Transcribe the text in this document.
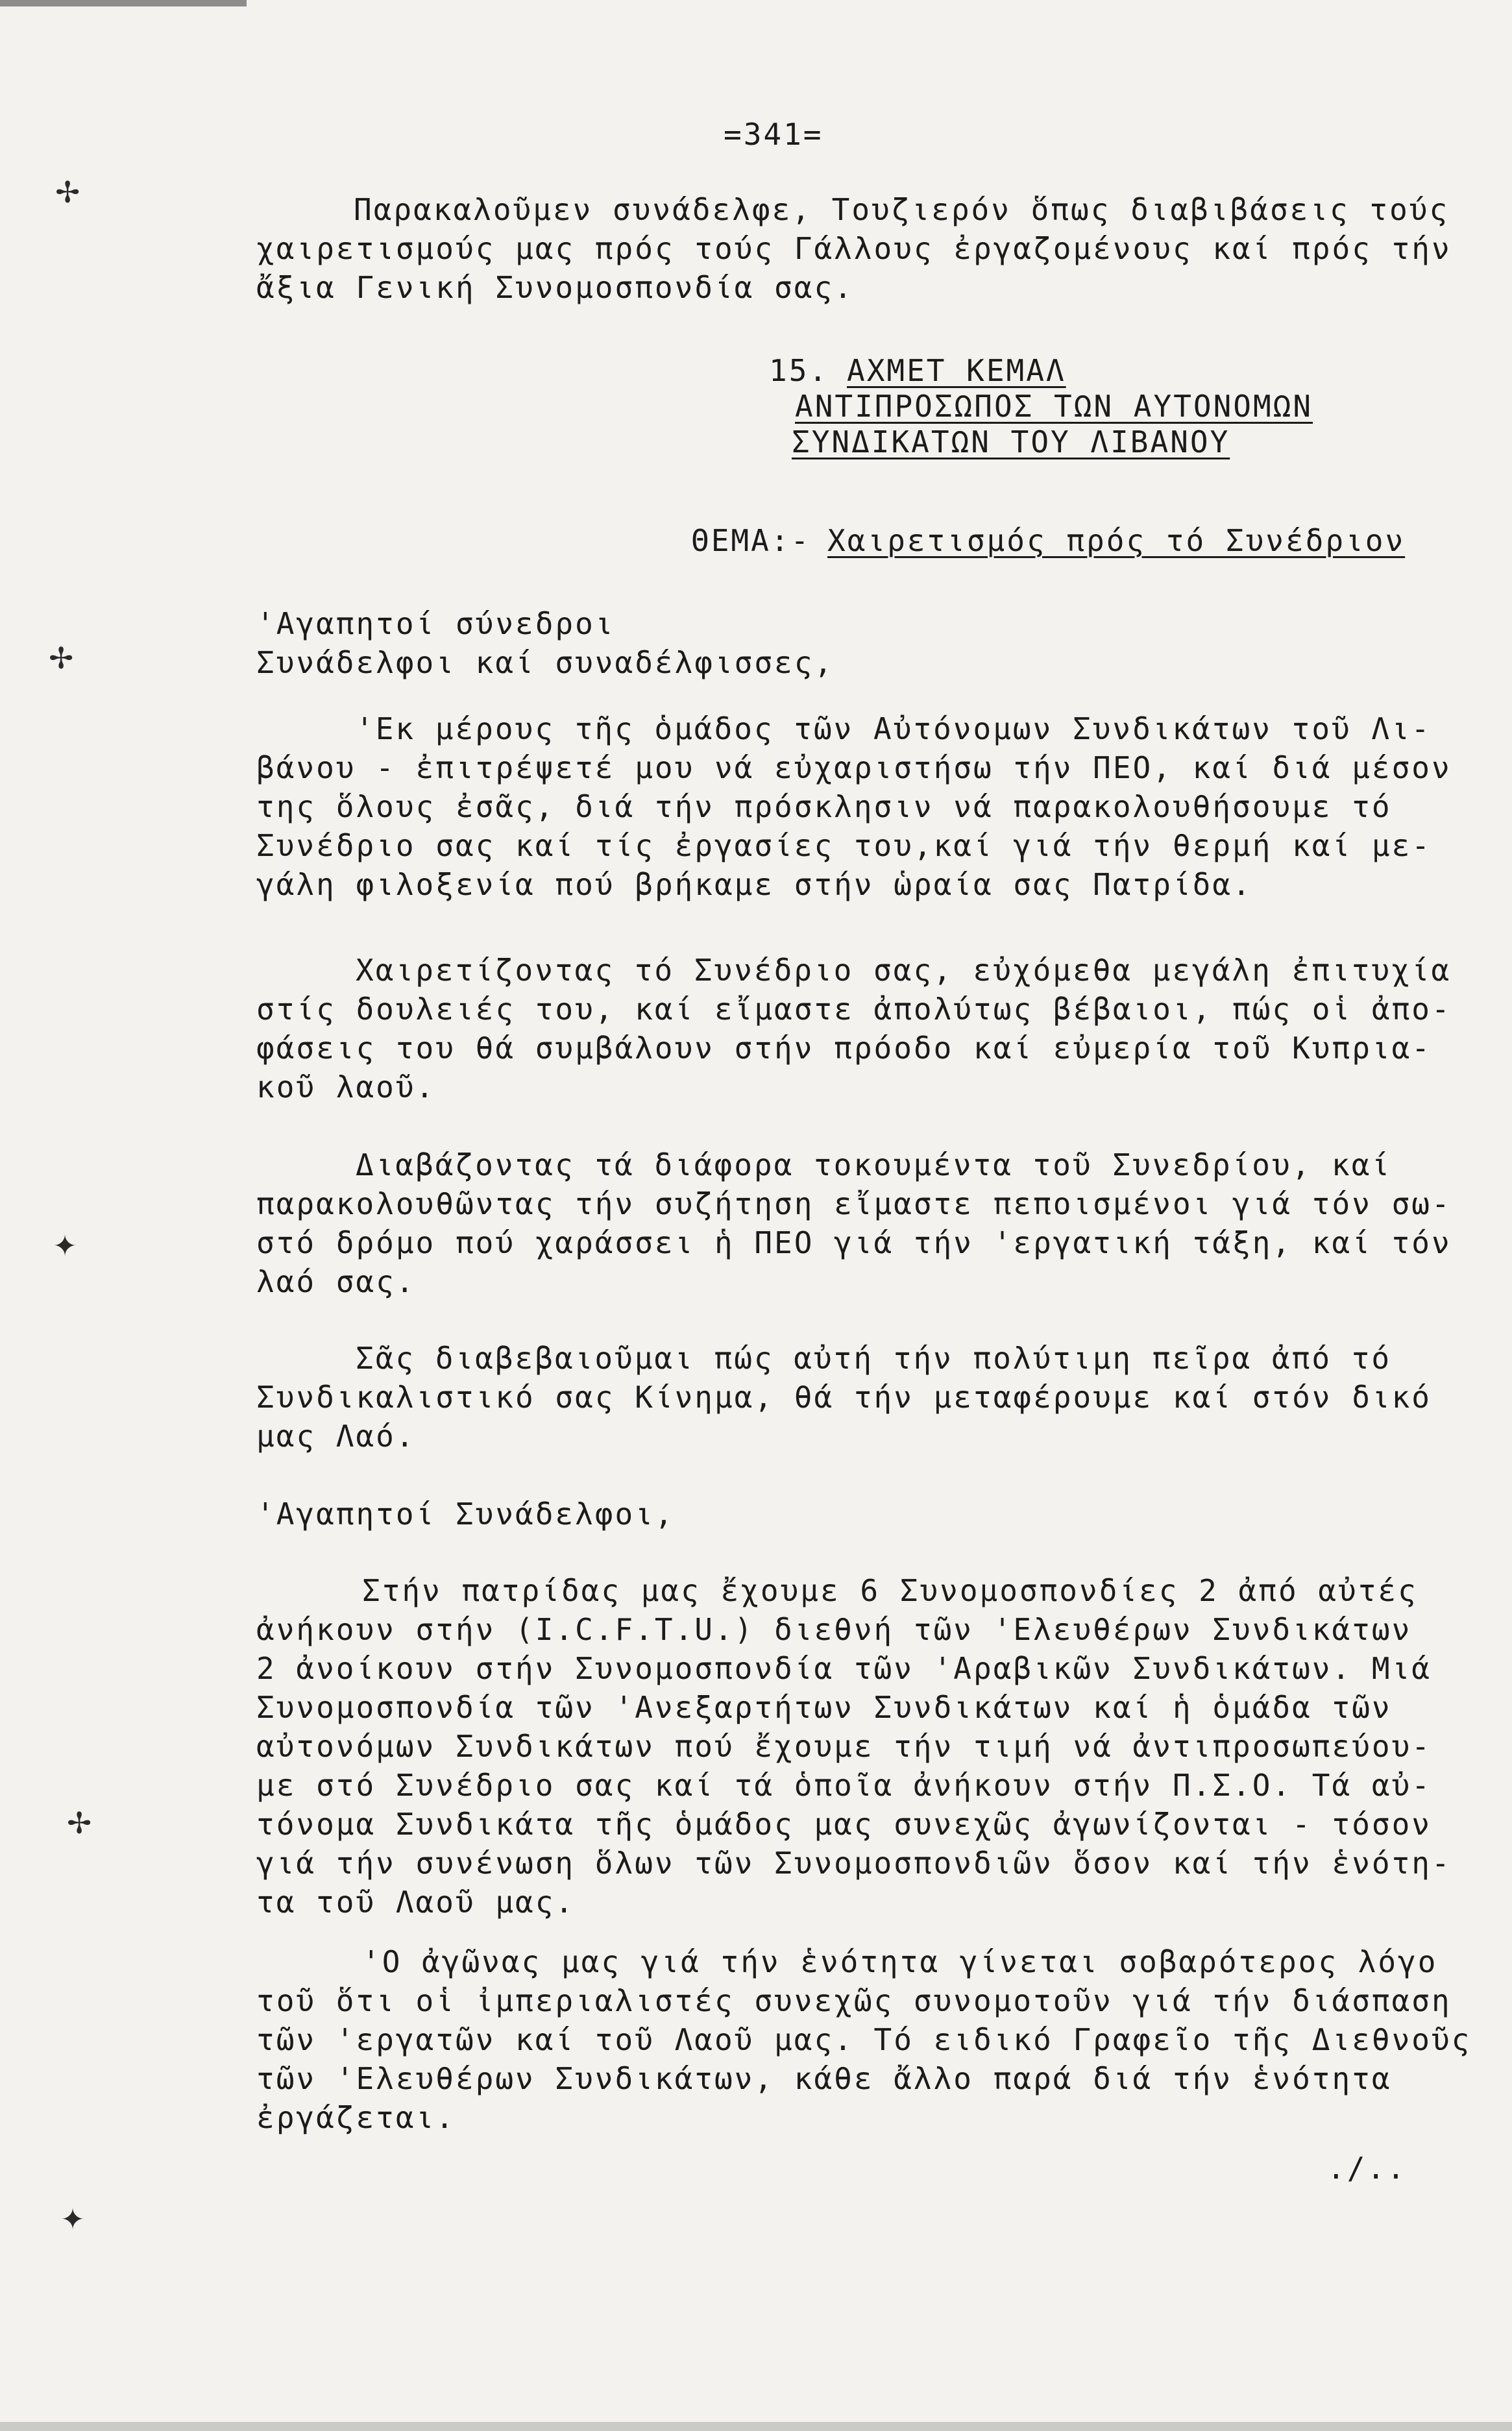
✢
✢
✦
✢
✦
=341=
Παρακαλοῦμεν συνάδελφε, Τουζιερόν ὅπως διαβιβάσεις τούς
χαιρετισμούς μας πρός τούς Γάλλους ἐργαζομένους καί πρός τήν
ἄξια Γενική Συνομοσπονδία σας.
15. ΑΧΜΕΤ ΚΕΜΑΛ
ΑΝΤΙΠΡΟΣΩΠΟΣ ΤΩΝ ΑΥΤΟΝΟΜΩΝ
ΣΥΝΔΙΚΑΤΩΝ ΤΟΥ ΛΙΒΑΝΟΥ
ΘΕΜΑ:- Χαιρετισμός πρός τό Συνέδριον
'Αγαπητοί σύνεδροι
Συνάδελφοι καί συναδέλφισσες,
'Εκ μέρους τῆς ὁμάδος τῶν Αὐτόνομων Συνδικάτων τοῦ Λι-
βάνου - ἐπιτρέψετέ μου νά εὐχαριστήσω τήν ΠΕΟ, καί διά μέσον
της ὅλους ἐσᾶς, διά τήν πρόσκλησιν νά παρακολουθήσουμε τό
Συνέδριο σας καί τίς ἐργασίες του,καί γιά τήν θερμή καί με-
γάλη φιλοξενία πού βρήκαμε στήν ὡραία σας Πατρίδα.
Χαιρετίζοντας τό Συνέδριο σας, εὐχόμεθα μεγάλη ἐπιτυχία
στίς δουλειές του, καί εἴμαστε ἀπολύτως βέβαιοι, πώς οἱ ἀπο-
φάσεις του θά συμβάλουν στήν πρόοδο καί εὐμερία τοῦ Κυπρια-
κοῦ λαοῦ.
Διαβάζοντας τά διάφορα τοκουμέντα τοῦ Συνεδρίου, καί
παρακολουθῶντας τήν συζήτηση εἴμαστε πεποισμένοι γιά τόν σω-
στό δρόμο πού χαράσσει ἡ ΠΕΟ γιά τήν 'εργατική τάξη, καί τόν
λαό σας.
Σᾶς διαβεβαιοῦμαι πώς αὐτή τήν πολύτιμη πεῖρα ἀπό τό
Συνδικαλιστικό σας Κίνημα, θά τήν μεταφέρουμε καί στόν δικό
μας Λαό.
'Αγαπητοί Συνάδελφοι,
Στήν πατρίδας μας ἔχουμε 6 Συνομοσπονδίες 2 ἀπό αὐτές
ἀνήκουν στήν (I.C.F.T.U.) διεθνή τῶν 'Ελευθέρων Συνδικάτων
2 ἀνοίκουν στήν Συνομοσπονδία τῶν 'Αραβικῶν Συνδικάτων. Μιά
Συνομοσπονδία τῶν 'Ανεξαρτήτων Συνδικάτων καί ἡ ὁμάδα τῶν
αὐτονόμων Συνδικάτων πού ἔχουμε τήν τιμή νά ἀντιπροσωπεύου-
με στό Συνέδριο σας καί τά ὁποῖα ἀνήκουν στήν Π.Σ.Ο. Τά αὐ-
τόνομα Συνδικάτα τῆς ὁμάδος μας συνεχῶς ἀγωνίζονται - τόσον
γιά τήν συνένωση ὅλων τῶν Συνομοσπονδιῶν ὅσον καί τήν ἑνότη-
τα τοῦ Λαοῦ μας.
'Ο ἀγῶνας μας γιά τήν ἑνότητα γίνεται σοβαρότερος λόγο
τοῦ ὅτι οἱ ἰμπεριαλιστές συνεχῶς συνομοτοῦν γιά τήν διάσπαση
τῶν 'εργατῶν καί τοῦ Λαοῦ μας. Τό ειδικό Γραφεῖο τῆς Διεθνοῦς
τῶν 'Ελευθέρων Συνδικάτων, κάθε ἄλλο παρά διά τήν ἑνότητα
ἐργάζεται.
./..
